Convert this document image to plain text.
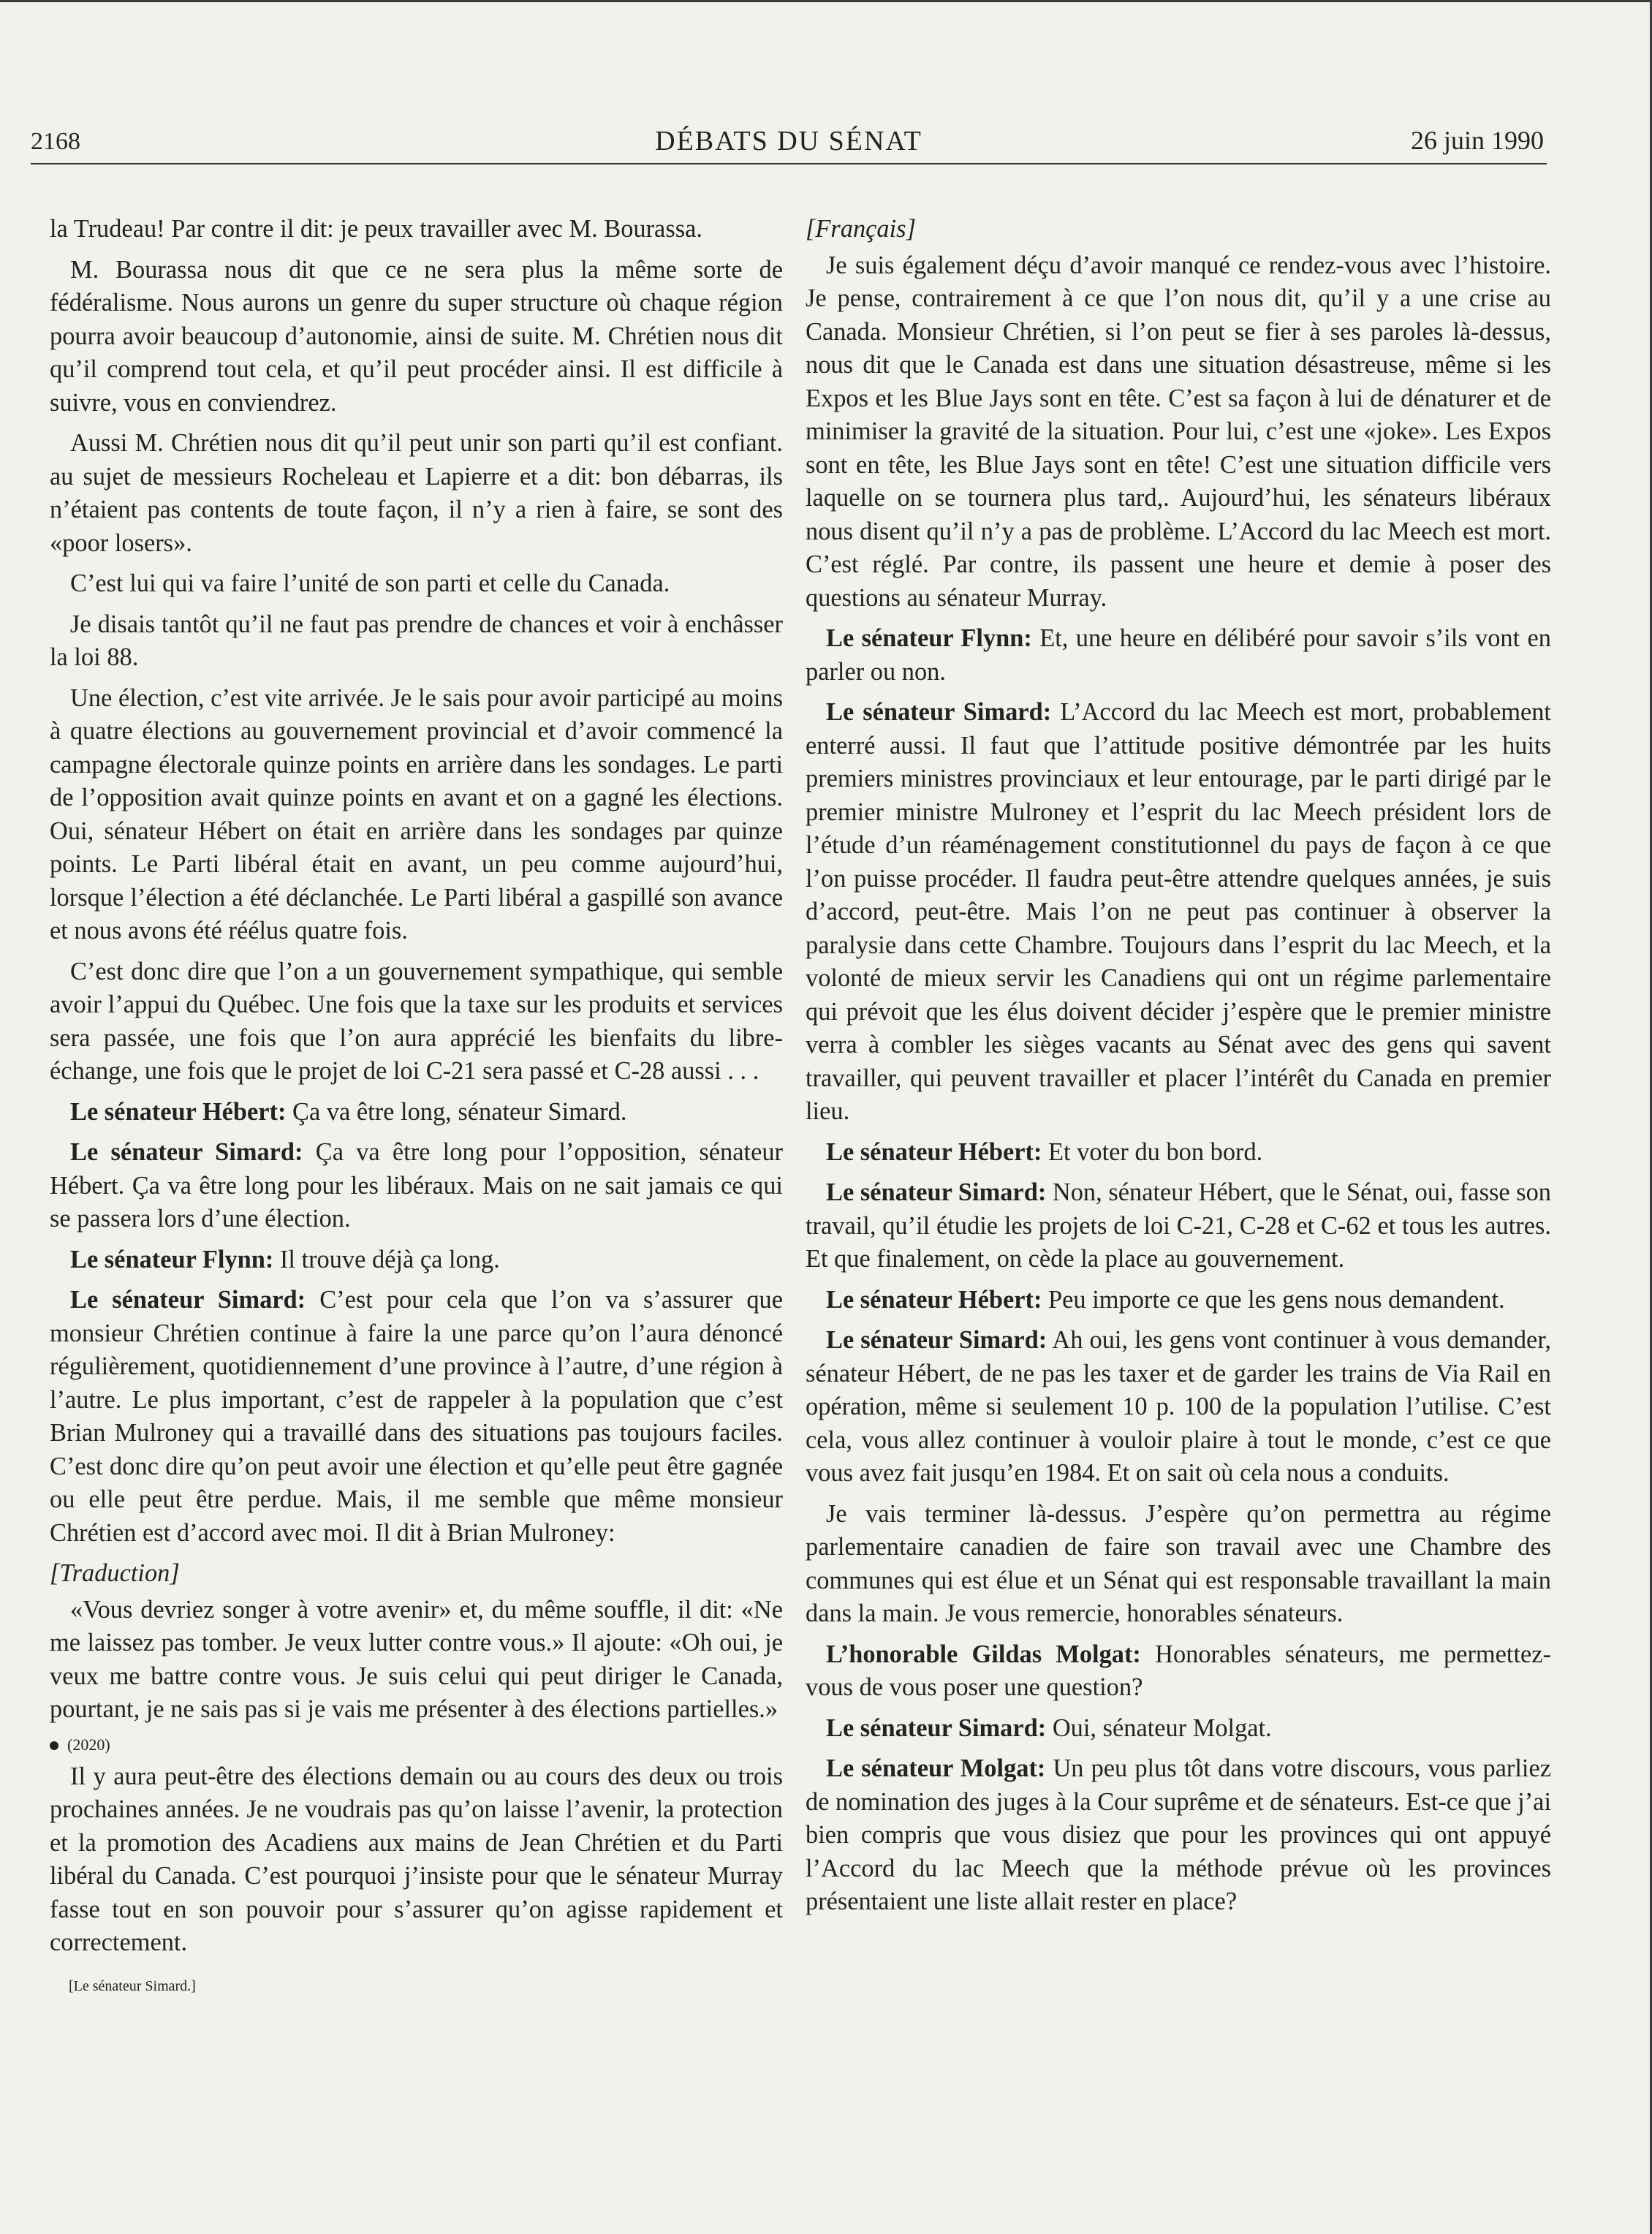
2168	DÉBATS DU SÉNAT	26 juin 1990

la Trudeau! Par contre il dit: je peux travailler avec M. Bourassa.

M. Bourassa nous dit que ce ne sera plus la même sorte de fédéralisme. Nous aurons un genre du super structure où chaque région pourra avoir beaucoup d’autonomie, ainsi de suite. M. Chrétien nous dit qu’il comprend tout cela, et qu’il peut procéder ainsi. Il est difficile à suivre, vous en conviendrez.

Aussi M. Chrétien nous dit qu’il peut unir son parti qu’il est confiant. au sujet de messieurs Rocheleau et Lapierre et a dit: bon débarras, ils n’étaient pas contents de toute façon, il n’y a rien à faire, se sont des «poor losers».

C’est lui qui va faire l’unité de son parti et celle du Canada.

Je disais tantôt qu’il ne faut pas prendre de chances et voir à enchâsser la loi 88.

Une élection, c’est vite arrivée. Je le sais pour avoir participé au moins à quatre élections au gouvernement provincial et d’avoir commencé la campagne électorale quinze points en arrière dans les sondages. Le parti de l’opposition avait quinze points en avant et on a gagné les élections. Oui, sénateur Hébert on était en arrière dans les sondages par quinze points. Le Parti libéral était en avant, un peu comme aujourd’hui, lorsque l’élection a été déclanchée. Le Parti libéral a gaspillé son avance et nous avons été réélus quatre fois.

C’est donc dire que l’on a un gouvernement sympathique, qui semble avoir l’appui du Québec. Une fois que la taxe sur les produits et services sera passée, une fois que l’on aura apprécié les bienfaits du libre-échange, une fois que le projet de loi C-21 sera passé et C-28 aussi . . .

Le sénateur Hébert: Ça va être long, sénateur Simard.

Le sénateur Simard: Ça va être long pour l’opposition, sénateur Hébert. Ça va être long pour les libéraux. Mais on ne sait jamais ce qui se passera lors d’une élection.

Le sénateur Flynn: Il trouve déjà ça long.

Le sénateur Simard: C’est pour cela que l’on va s’assurer que monsieur Chrétien continue à faire la une parce qu’on l’aura dénoncé régulièrement, quotidiennement d’une province à l’autre, d’une région à l’autre. Le plus important, c’est de rappeler à la population que c’est Brian Mulroney qui a travaillé dans des situations pas toujours faciles. C’est donc dire qu’on peut avoir une élection et qu’elle peut être gagnée ou elle peut être perdue. Mais, il me semble que même monsieur Chrétien est d’accord avec moi. Il dit à Brian Mulroney:

[Traduction]

«Vous devriez songer à votre avenir» et, du même souffle, il dit: «Ne me laissez pas tomber. Je veux lutter contre vous.» Il ajoute: «Oh oui, je veux me battre contre vous. Je suis celui qui peut diriger le Canada, pourtant, je ne sais pas si je vais me présenter à des élections partielles.»

(2020)

Il y aura peut-être des élections demain ou au cours des deux ou trois prochaines années. Je ne voudrais pas qu’on laisse l’avenir, la protection et la promotion des Acadiens aux mains de Jean Chrétien et du Parti libéral du Canada. C’est pourquoi j’insiste pour que le sénateur Murray fasse tout en son pouvoir pour s’assurer qu’on agisse rapidement et correctement.

[Le sénateur Simard.]
[Français]

Je suis également déçu d’avoir manqué ce rendez-vous avec l’histoire. Je pense, contrairement à ce que l’on nous dit, qu’il y a une crise au Canada. Monsieur Chrétien, si l’on peut se fier à ses paroles là-dessus, nous dit que le Canada est dans une situation désastreuse, même si les Expos et les Blue Jays sont en tête. C’est sa façon à lui de dénaturer et de minimiser la gravité de la situation. Pour lui, c’est une «joke». Les Expos sont en tête, les Blue Jays sont en tête! C’est une situation difficile vers laquelle on se tournera plus tard,. Aujourd’hui, les sénateurs libéraux nous disent qu’il n’y a pas de problème. L’Accord du lac Meech est mort. C’est réglé. Par contre, ils passent une heure et demie à poser des questions au sénateur Murray.

Le sénateur Flynn: Et, une heure en délibéré pour savoir s’ils vont en parler ou non.

Le sénateur Simard: L’Accord du lac Meech est mort, probablement enterré aussi. Il faut que l’attitude positive démontrée par les huits premiers ministres provinciaux et leur entourage, par le parti dirigé par le premier ministre Mulroney et l’esprit du lac Meech président lors de l’étude d’un réaménagement constitutionnel du pays de façon à ce que l’on puisse procéder. Il faudra peut-être attendre quelques années, je suis d’accord, peut-être. Mais l’on ne peut pas continuer à observer la paralysie dans cette Chambre. Toujours dans l’esprit du lac Meech, et la volonté de mieux servir les Canadiens qui ont un régime parlementaire qui prévoit que les élus doivent décider j’espère que le premier ministre verra à combler les sièges vacants au Sénat avec des gens qui savent travailler, qui peuvent travailler et placer l’intérêt du Canada en premier lieu.

Le sénateur Hébert: Et voter du bon bord.

Le sénateur Simard: Non, sénateur Hébert, que le Sénat, oui, fasse son travail, qu’il étudie les projets de loi C-21, C-28 et C-62 et tous les autres. Et que finalement, on cède la place au gouvernement.

Le sénateur Hébert: Peu importe ce que les gens nous demandent.

Le sénateur Simard: Ah oui, les gens vont continuer à vous demander, sénateur Hébert, de ne pas les taxer et de garder les trains de Via Rail en opération, même si seulement 10 p. 100 de la population l’utilise. C’est cela, vous allez continuer à vouloir plaire à tout le monde, c’est ce que vous avez fait jusqu’en 1984. Et on sait où cela nous a conduits.

Je vais terminer là-dessus. J’espère qu’on permettra au régime parlementaire canadien de faire son travail avec une Chambre des communes qui est élue et un Sénat qui est responsable travaillant la main dans la main. Je vous remercie, honorables sénateurs.

L’honorable Gildas Molgat: Honorables sénateurs, me permettez-vous de vous poser une question?

Le sénateur Simard: Oui, sénateur Molgat.

Le sénateur Molgat: Un peu plus tôt dans votre discours, vous parliez de nomination des juges à la Cour suprême et de sénateurs. Est-ce que j’ai bien compris que vous disiez que pour les provinces qui ont appuyé l’Accord du lac Meech que la méthode prévue où les provinces présentaient une liste allait rester en place?
